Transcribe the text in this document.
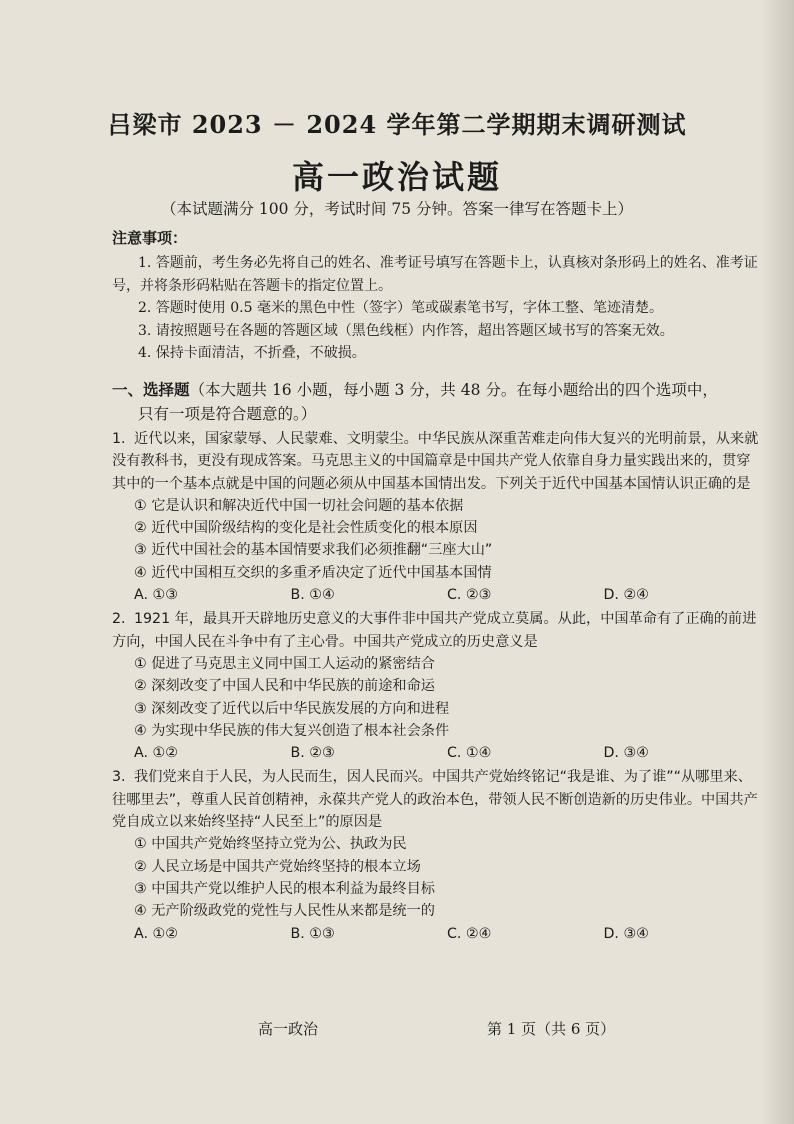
吕梁市 2023 － 2024 学年第二学期期末调研测试
高一政治试题
（本试题满分 100 分，考试时间 75 分钟。答案一律写在答题卡上）
注意事项：

1. 答题前，考生务必先将自己的姓名、准考证号填写在答题卡上，认真核对条形码上的姓名、准考证号，并将条形码粘贴在答题卡的指定位置上。

2. 答题时使用 0.5 毫米的黑色中性（签字）笔或碳素笔书写，字体工整、笔迹清楚。

3. 请按照题号在各题的答题区域（黑色线框）内作答，超出答题区域书写的答案无效。

4. 保持卡面清洁，不折叠，不破损。

一、选择题（本大题共 16 小题，每小题 3 分，共 48 分。在每小题给出的四个选项中，
只有一项是符合题意的。）
1. 近代以来，国家蒙辱、人民蒙难、文明蒙尘。中华民族从深重苦难走向伟大复兴的光明前景，从来就没有教科书，更没有现成答案。马克思主义的中国篇章是中国共产党人依靠自身力量实践出来的，贯穿其中的一个基本点就是中国的问题必须从中国基本国情出发。下列关于近代中国基本国情认识正确的是
① 它是认识和解决近代中国一切社会问题的基本依据
② 近代中国阶级结构的变化是社会性质变化的根本原因
③ 近代中国社会的基本国情要求我们必须推翻“三座大山”
④ 近代中国相互交织的多重矛盾决定了近代中国基本国情
A. ①③	B. ①④	C. ②③	D. ②④
2. 1921 年，最具开天辟地历史意义的大事件非中国共产党成立莫属。从此，中国革命有了正确的前进方向，中国人民在斗争中有了主心骨。中国共产党成立的历史意义是
① 促进了马克思主义同中国工人运动的紧密结合
② 深刻改变了中国人民和中华民族的前途和命运
③ 深刻改变了近代以后中华民族发展的方向和进程
④ 为实现中华民族的伟大复兴创造了根本社会条件
A. ①②	B. ②③	C. ①④	D. ③④
3. 我们党来自于人民，为人民而生，因人民而兴。中国共产党始终铭记“我是谁、为了谁”“从哪里来、往哪里去”，尊重人民首创精神，永葆共产党人的政治本色，带领人民不断创造新的历史伟业。中国共产党自成立以来始终坚持“人民至上”的原因是
① 中国共产党始终坚持立党为公、执政为民
② 人民立场是中国共产党始终坚持的根本立场
③ 中国共产党以维护人民的根本利益为最终目标
④ 无产阶级政党的党性与人民性从来都是统一的
A. ①②	B. ①③	C. ②④	D. ③④
高一政治	第 1 页（共 6 页）
